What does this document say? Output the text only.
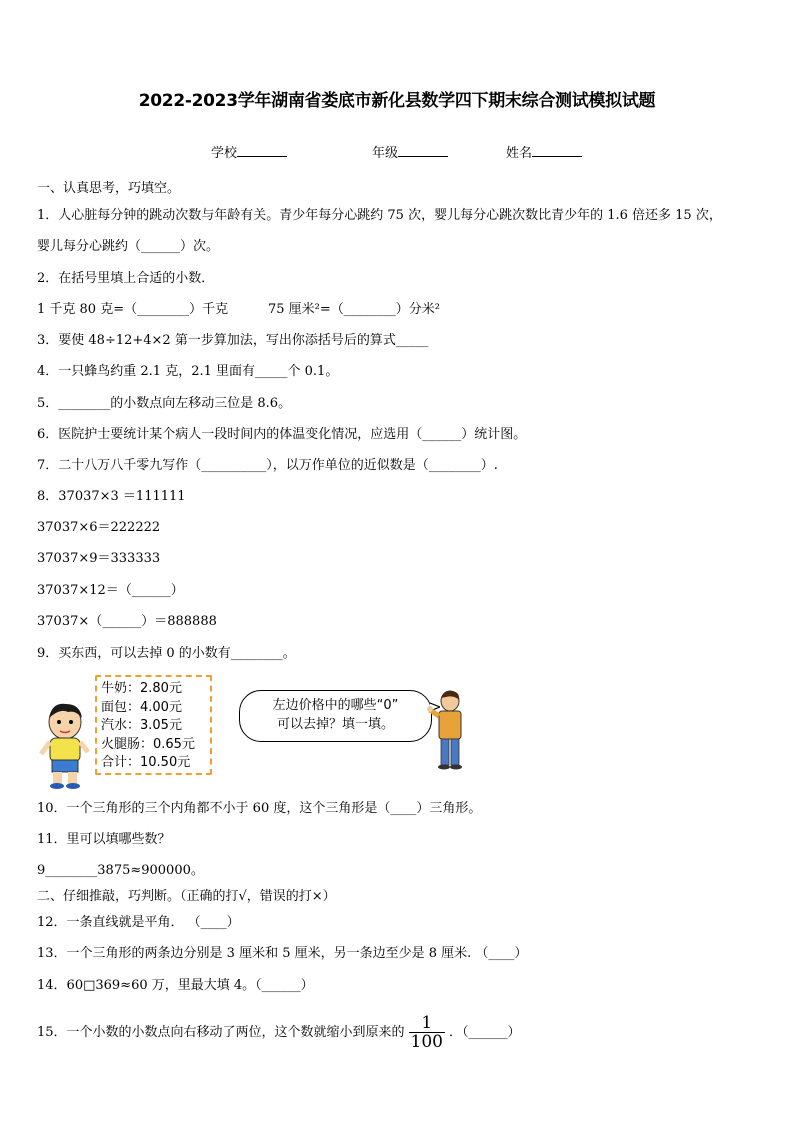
2022-2023学年湖南省娄底市新化县数学四下期末综合测试模拟试题
学校	年级	姓名
一、认真思考，巧填空。
1．人心脏每分钟的跳动次数与年龄有关。青少年每分心跳约 75 次，婴儿每分心跳次数比青少年的 1.6 倍还多 15 次，
婴儿每分心跳约（______）次。
2．在括号里填上合适的小数．
1 千克 80 克=（________）千克	75 厘米²=（________）分米²
3．要使 48÷12+4×2 第一步算加法，写出你添括号后的算式_____
4．一只蜂鸟约重 2.1 克，2.1 里面有_____个 0.1。
5．________的小数点向左移动三位是 8.6。
6．医院护士要统计某个病人一段时间内的体温变化情况，应选用（______）统计图。
7．二十八万八千零九写作（__________），以万作单位的近似数是（________）.
8．37037×3 ＝111111
37037×6＝222222
37037×9＝333333
37037×12＝（______）
37037×（______）＝888888
9．买东西，可以去掉 0 的小数有________。
牛奶：2.80元
面包：4.00元
汽水：3.05元
火腿肠：0.65元
合计：10.50元
左边价格中的哪些“0”
可以去掉？填一填。
10．一个三角形的三个内角都不小于 60 度，这个三角形是（____）三角形。
11．里可以填哪些数？
9________3875≈900000。
二、仔细推敲，巧判断。（正确的打√，错误的打×）
12．一条直线就是平角． （____）
13．一个三角形的两条边分别是 3 厘米和 5 厘米，另一条边至少是 8 厘米. （____）
14．60□369≈60 万，里最大填 4。（______）
15．一个小数的小数点向右移动了两位，这个数就缩小到原来的 $\frac{1}{100}$ ．（______）
